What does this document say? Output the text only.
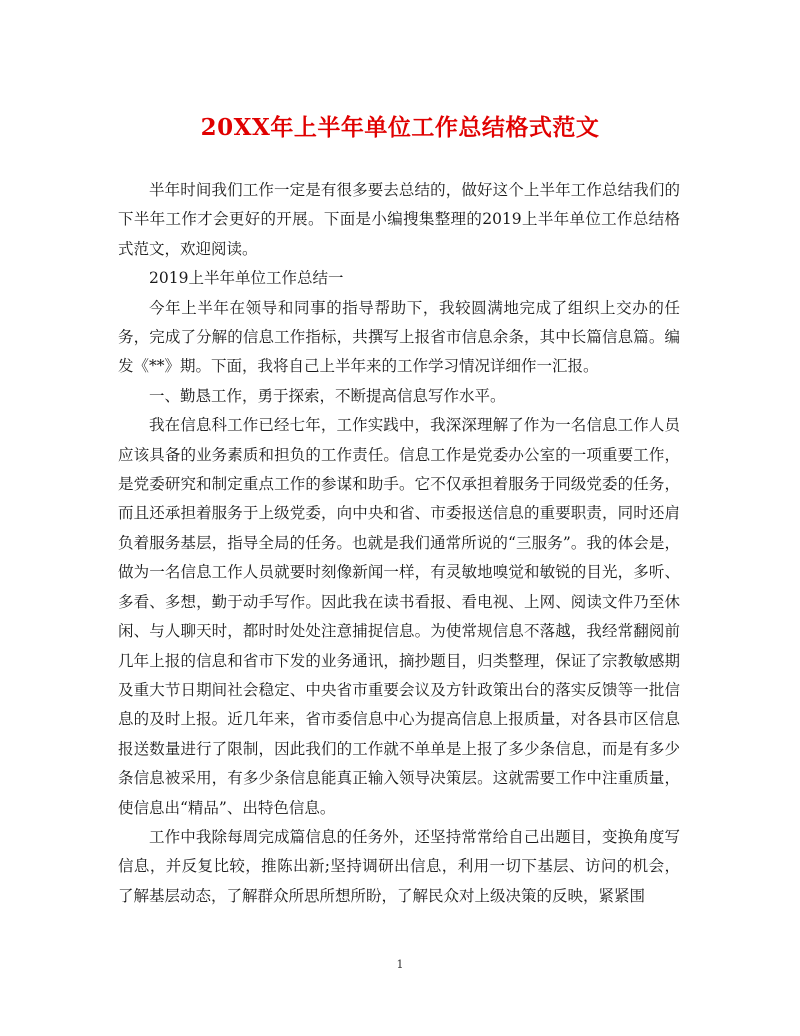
20XX年上半年单位工作总结格式范文

半年时间我们工作一定是有很多要去总结的，做好这个上半年工作总结我们的下半年工作才会更好的开展。下面是小编搜集整理的2019上半年单位工作总结格式范文，欢迎阅读。

2019上半年单位工作总结一

今年上半年在领导和同事的指导帮助下，我较圆满地完成了组织上交办的任务，完成了分解的信息工作指标，共撰写上报省市信息余条，其中长篇信息篇。编发《**》期。下面，我将自己上半年来的工作学习情况详细作一汇报。

一、勤恳工作，勇于探索，不断提高信息写作水平。

我在信息科工作已经七年，工作实践中，我深深理解了作为一名信息工作人员应该具备的业务素质和担负的工作责任。信息工作是党委办公室的一项重要工作，是党委研究和制定重点工作的参谋和助手。它不仅承担着服务于同级党委的任务，而且还承担着服务于上级党委，向中央和省、市委报送信息的重要职责，同时还肩负着服务基层，指导全局的任务。也就是我们通常所说的“三服务”。我的体会是，做为一名信息工作人员就要时刻像新闻一样，有灵敏地嗅觉和敏锐的目光，多听、多看、多想，勤于动手写作。因此我在读书看报、看电视、上网、阅读文件乃至休闲、与人聊天时，都时时处处注意捕捉信息。为使常规信息不落越，我经常翻阅前几年上报的信息和省市下发的业务通讯，摘抄题目，归类整理，保证了宗教敏感期及重大节日期间社会稳定、中央省市重要会议及方针政策出台的落实反馈等一批信息的及时上报。近几年来，省市委信息中心为提高信息上报质量，对各县市区信息报送数量进行了限制，因此我们的工作就不单单是上报了多少条信息，而是有多少条信息被采用，有多少条信息能真正输入领导决策层。这就需要工作中注重质量，使信息出“精品”、出特色信息。

工作中我除每周完成篇信息的任务外，还坚持常常给自己出题目，变换角度写信息，并反复比较，推陈出新;坚持调研出信息，利用一切下基层、访问的机会，了解基层动态，了解群众所思所想所盼，了解民众对上级决策的反映，紧紧围

1
